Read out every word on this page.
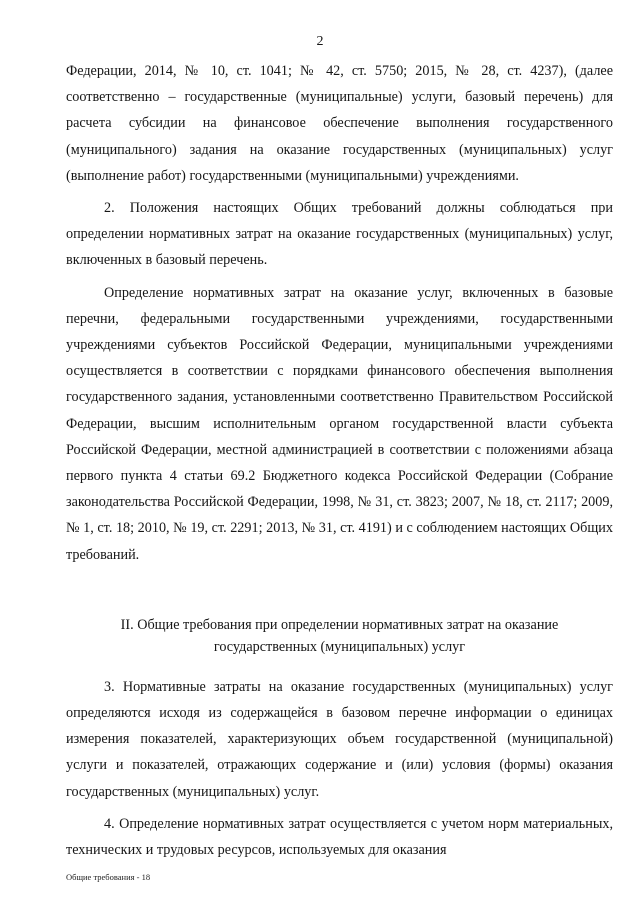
2

Федерации, 2014, № 10, ст. 1041; № 42, ст. 5750; 2015, № 28, ст. 4237), (далее соответственно – государственные (муниципальные) услуги, базовый перечень) для расчета субсидии на финансовое обеспечение выполнения государственного (муниципального) задания на оказание государственных (муниципальных) услуг (выполнение работ) государственными (муниципальными) учреждениями.

2. Положения настоящих Общих требований должны соблюдаться при определении нормативных затрат на оказание государственных (муниципальных) услуг, включенных в базовый перечень.

Определение нормативных затрат на оказание услуг, включенных в базовые перечни, федеральными государственными учреждениями, государственными учреждениями субъектов Российской Федерации, муниципальными учреждениями осуществляется в соответствии с порядками финансового обеспечения выполнения государственного задания, установленными соответственно Правительством Российской Федерации, высшим исполнительным органом государственной власти субъекта Российской Федерации, местной администрацией в соответствии с положениями абзаца первого пункта 4 статьи 69.2 Бюджетного кодекса Российской Федерации (Собрание законодательства Российской Федерации, 1998, № 31, ст. 3823; 2007, № 18, ст. 2117; 2009, № 1, ст. 18; 2010, № 19, ст. 2291; 2013, № 31, ст. 4191) и с соблюдением настоящих Общих требований.

II. Общие требования при определении нормативных затрат на оказание
государственных (муниципальных) услуг

3. Нормативные затраты на оказание государственных (муниципальных) услуг определяются исходя из содержащейся в базовом перечне информации о единицах измерения показателей, характеризующих объем государственной (муниципальной) услуги и показателей, отражающих содержание и (или) условия (формы) оказания государственных (муниципальных) услуг.

4. Определение нормативных затрат осуществляется с учетом норм материальных, технических и трудовых ресурсов, используемых для оказания

Общие требования - 18
